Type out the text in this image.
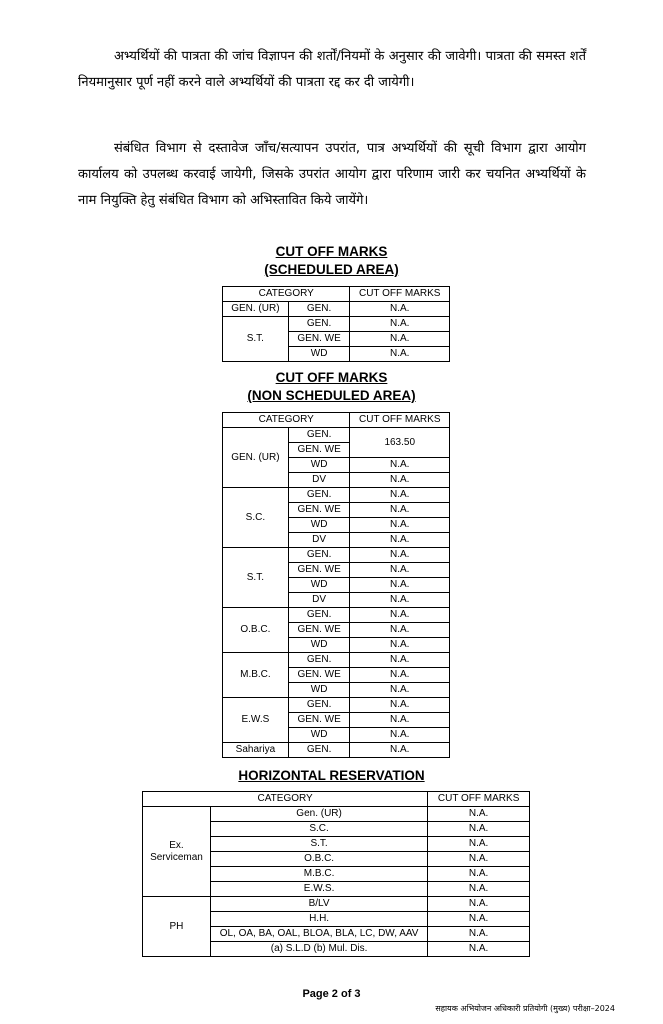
अभ्यर्थियों की पात्रता की जांच विज्ञापन की शर्तों/नियमों के अनुसार की जावेगी। पात्रता की समस्त शर्तें नियमानुसार पूर्ण नहीं करने वाले अभ्यर्थियों की पात्रता रद्द कर दी जायेगी।

संबंधित विभाग से दस्तावेज जाँच/सत्यापन उपरांत, पात्र अभ्यर्थियों की सूची विभाग द्वारा आयोग कार्यालय को उपलब्ध करवाई जायेगी, जिसके उपरांत आयोग द्वारा परिणाम जारी कर चयनित अभ्यर्थियों के नाम नियुक्ति हेतु संबंधित विभाग को अभिस्तावित किये जायेंगे।

CUT OFF MARKS
(SCHEDULED AREA)
CATEGORY		CUT OFF MARKS
GEN. (UR)	GEN.	N.A.
S.T.	GEN.	N.A.
	GEN. WE	N.A.
	WD	N.A.
CUT OFF MARKS
(NON SCHEDULED AREA)
CATEGORY		CUT OFF MARKS
GEN. (UR)	GEN.	163.50
	GEN. WE	
	WD	N.A.
	DV	N.A.
S.C.	GEN.	N.A.
	GEN. WE	N.A.
	WD	N.A.
	DV	N.A.
S.T.	GEN.	N.A.
	GEN. WE	N.A.
	WD	N.A.
	DV	N.A.
O.B.C.	GEN.	N.A.
	GEN. WE	N.A.
	WD	N.A.
M.B.C.	GEN.	N.A.
	GEN. WE	N.A.
	WD	N.A.
E.W.S	GEN.	N.A.
	GEN. WE	N.A.
	WD	N.A.
Sahariya	GEN.	N.A.
HORIZONTAL RESERVATION
CATEGORY		CUT OFF MARKS
Ex.
Serviceman	Gen. (UR)	N.A.
	S.C.	N.A.
	S.T.	N.A.
	O.B.C.	N.A.
	M.B.C.	N.A.
	E.W.S.	N.A.
PH	B/LV	N.A.
	H.H.	N.A.
	OL, OA, BA, OAL, BLOA, BLA, LC, DW, AAV	N.A.
	(a) S.L.D (b) Mul. Dis.	N.A.
Page 2 of 3
सहायक अभियोजन अधिकारी प्रतियोगी (मुख्य) परीक्षा–2024
